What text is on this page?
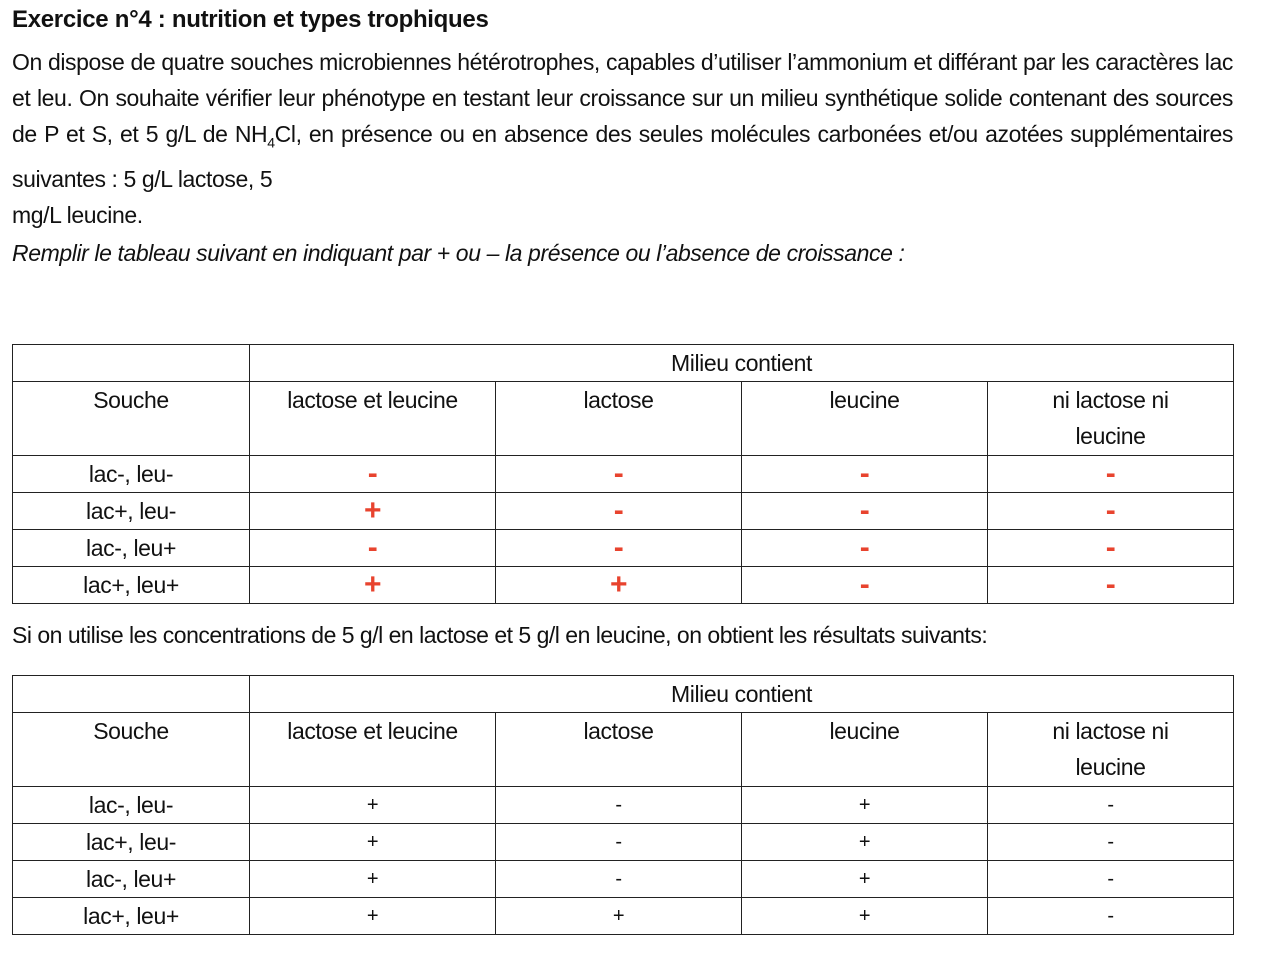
Exercice n°4 : nutrition et types trophiques
On dispose de quatre souches microbiennes hétérotrophes, capables d’utiliser l’ammonium et différant par les caractères lac et leu. On souhaite vérifier leur phénotype en testant leur croissance sur un milieu synthétique solide contenant des sources de P et S, et 5 g/L de $NH_4Cl$, en présence ou en absence des seules molécules carbonées et/ou azotées supplémentaires suivantes : 5 g/L lactose, 5
mg/L leucine.
Remplir le tableau suivant en indiquant par + ou – la présence ou l’absence de croissance :
	Milieu contient			
Souche	lactose et leucine	lactose	leucine	ni lactose ni leucine
lac-, leu-	-	-	-	-
lac+, leu-	+	-	-	-
lac-, leu+	-	-	-	-
lac+, leu+	+	+	-	-
Si on utilise les concentrations de 5 g/l en lactose et 5 g/l en leucine, on obtient les résultats suivants:
	Milieu contient			
Souche	lactose et leucine	lactose	leucine	ni lactose ni leucine
lac-, leu-	+	-	+	-
lac+, leu-	+	-	+	-
lac-, leu+	+	-	+	-
lac+, leu+	+	+	+	-
